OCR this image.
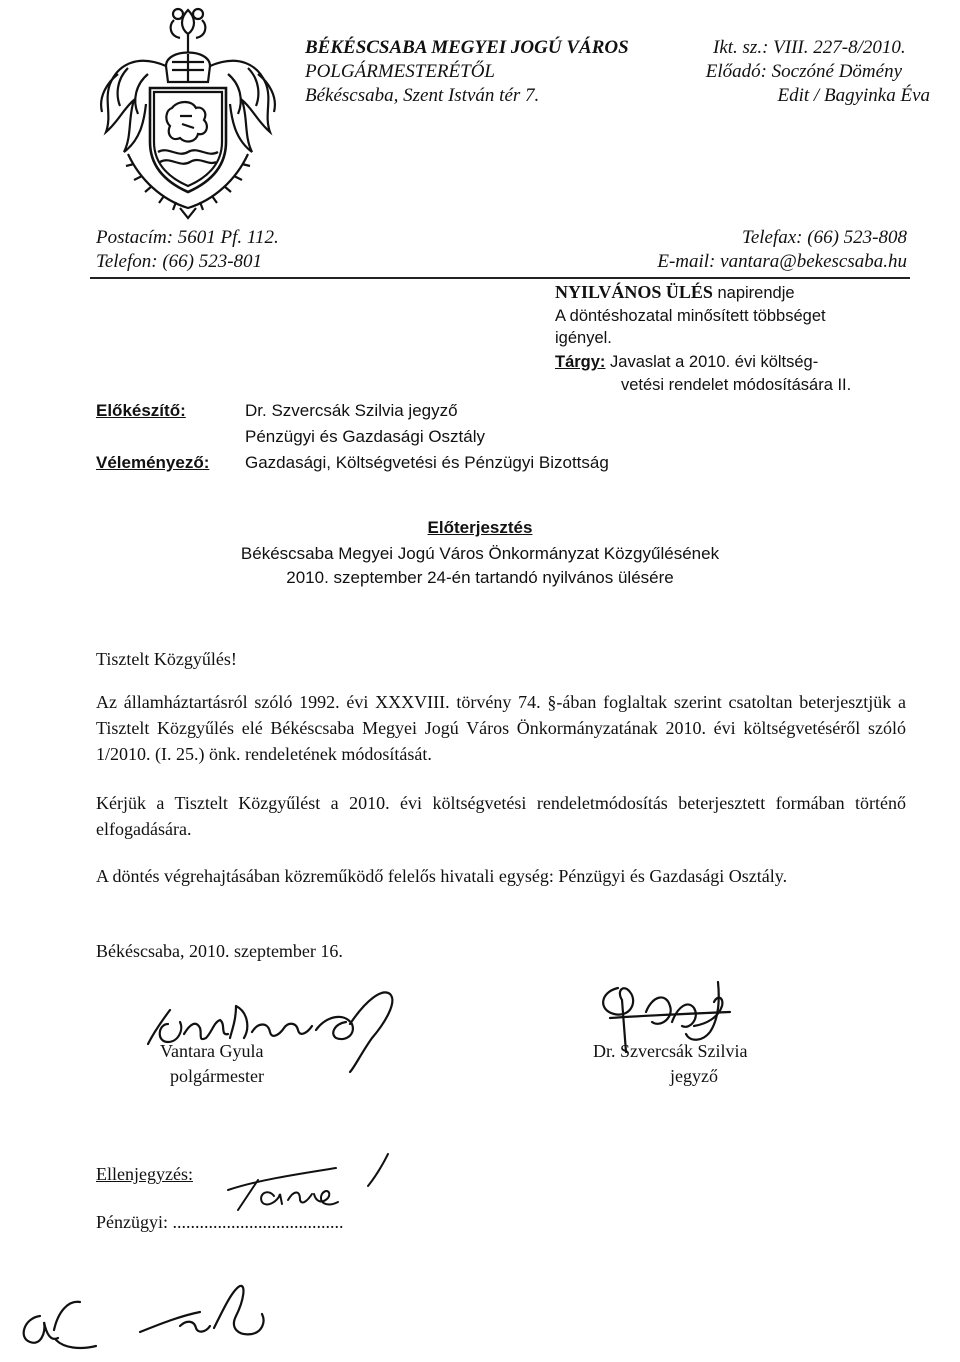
BÉKÉSCSABA MEGYEI JOGÚ VÁROS
POLGÁRMESTERÉTŐL
Békéscsaba, Szent István tér 7.
Ikt. sz.: VIII. 227-8/2010.
Előadó: Soczóné Dömény
Edit / Bagyinka Éva
Postacím: 5601 Pf. 112.
Telefon: (66) 523-801
Telefax: (66) 523-808
E-mail: vantara@bekescsaba.hu
NYILVÁNOS ÜLÉS napirendje
A döntéshozatal minősített többséget
igényel.
Tárgy: Javaslat a 2010. évi költség-
vetési rendelet módosítására II.
Előkészítő:	Dr. Szvercsák Szilvia jegyző
Pénzügyi és Gazdasági Osztály
Véleményező: Gazdasági, Költségvetési és Pénzügyi Bizottság
Előterjesztés
Békéscsaba Megyei Jogú Város Önkormányzat Közgyűlésének
2010. szeptember 24-én tartandó nyilvános ülésére
Tisztelt Közgyűlés!
Az államháztartásról szóló 1992. évi XXXVIII. törvény 74. §-ában foglaltak szerint csatoltan beterjesztjük a Tisztelt Közgyűlés elé Békéscsaba Megyei Jogú Város Önkormányzatának 2010. évi költségvetéséről szóló 1/2010. (I. 25.) önk. rendeletének módosítását.
Kérjük a Tisztelt Közgyűlést a 2010. évi költségvetési rendeletmódosítás beterjesztett formában történő elfogadására.
A döntés végrehajtásában közreműködő felelős hivatali egység: Pénzügyi és Gazdasági Osztály.
Békéscsaba, 2010. szeptember 16.
Vantara Gyula
polgármester
Dr. Szvercsák Szilvia
jegyző
Ellenjegyzés:
Pénzügyi: ......................................
